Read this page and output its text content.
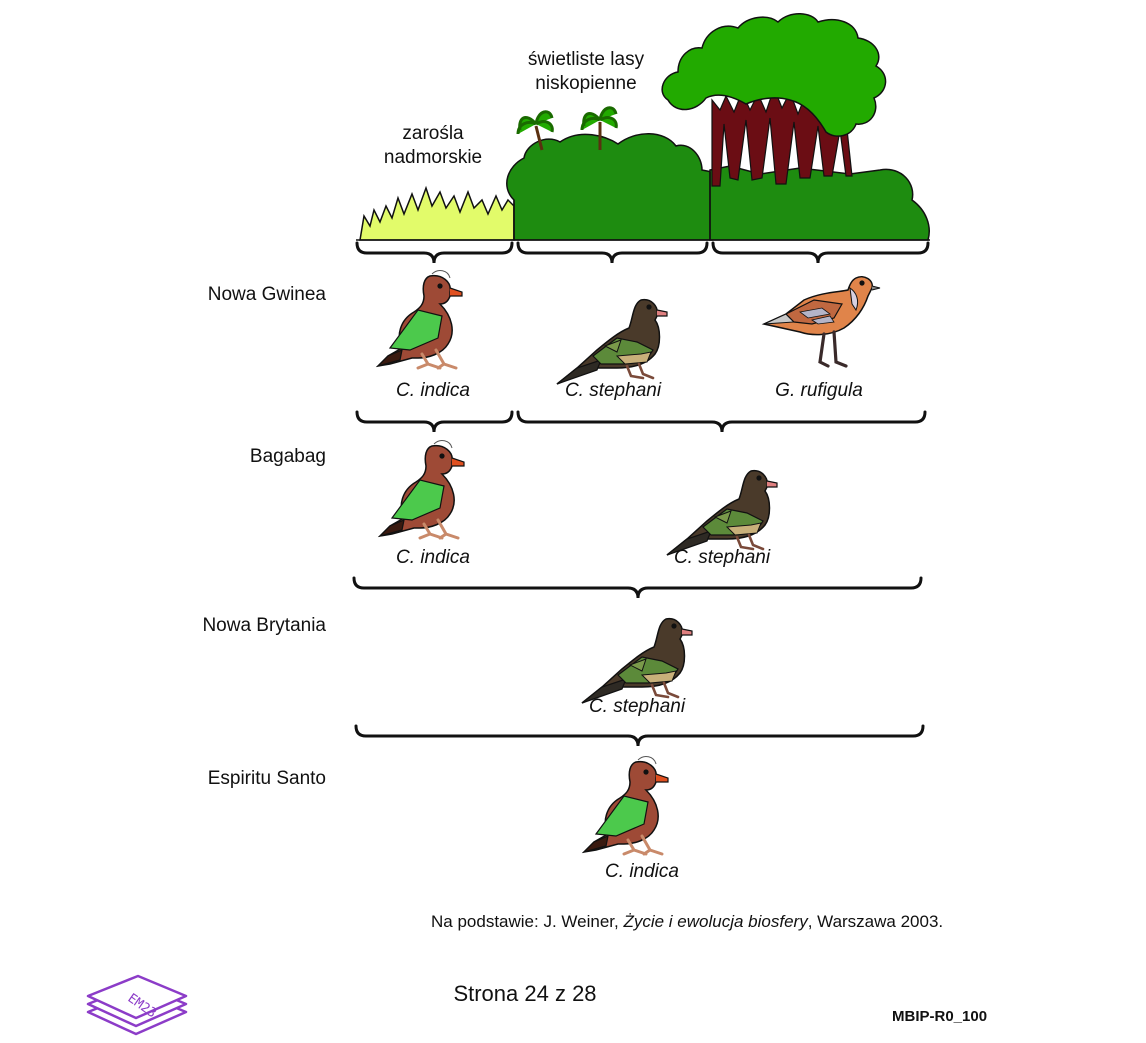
EM23
zarośla
nadmorskie
świetliste lasy
niskopienne
Nowa Gwinea
Bagabag
Nowa Brytania
Espiritu Santo
C. indica	C. stephani	G. rufigula
C. indica	C. stephani
C. stephani
C. indica
Na podstawie: J. Weiner, Życie i ewolucja biosfery, Warszawa 2003.
Strona 24 z 28
MBIP-R0_100
